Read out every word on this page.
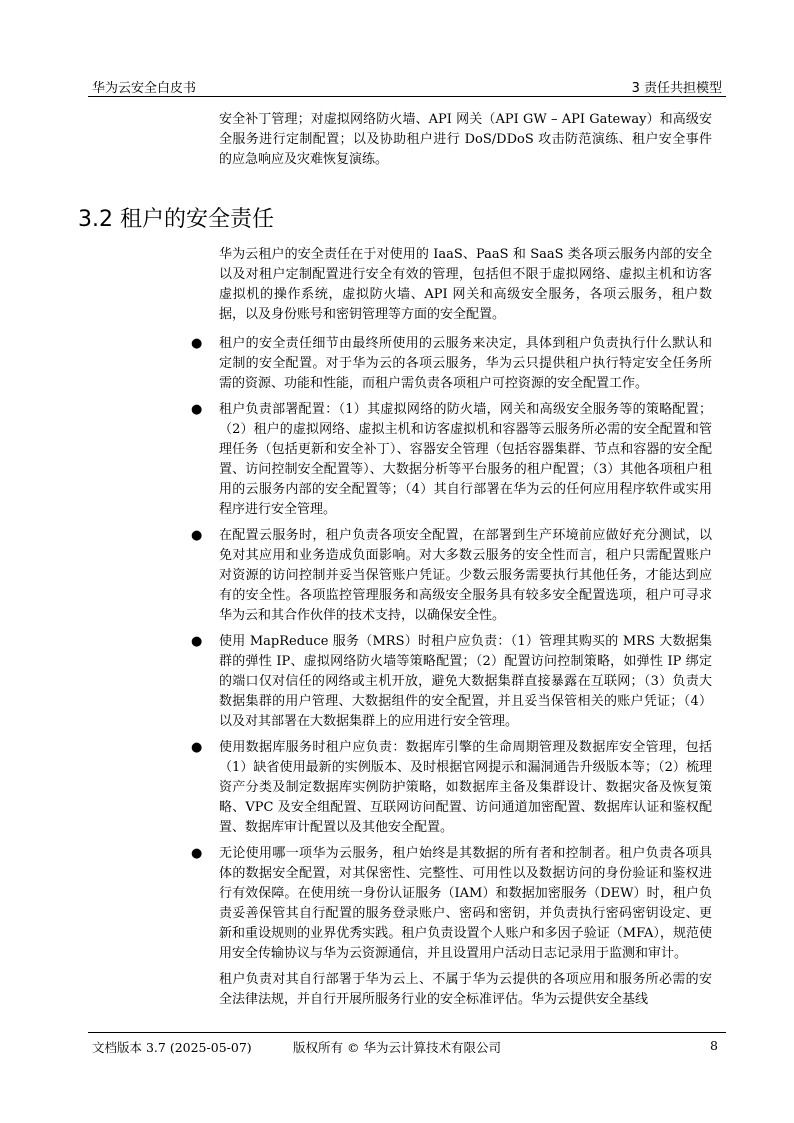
华为云安全白皮书	3 责任共担模型

安全补丁管理；对虚拟网络防火墙、API 网关（API GW – API Gateway）和高级安全服务进行定制配置；以及协助租户进行 DoS/DDoS 攻击防范演练、租户安全事件的应急响应及灾难恢复演练。

3.2 租户的安全责任

华为云租户的安全责任在于对使用的 IaaS、PaaS 和 SaaS 类各项云服务内部的安全以及对租户定制配置进行安全有效的管理，包括但不限于虚拟网络、虚拟主机和访客虚拟机的操作系统，虚拟防火墙、API 网关和高级安全服务，各项云服务，租户数据，以及身份账号和密钥管理等方面的安全配置。

● 租户的安全责任细节由最终所使用的云服务来决定，具体到租户负责执行什么默认和定制的安全配置。对于华为云的各项云服务，华为云只提供租户执行特定安全任务所需的资源、功能和性能，而租户需负责各项租户可控资源的安全配置工作。
● 租户负责部署配置：（1）其虚拟网络的防火墙，网关和高级安全服务等的策略配置；（2）租户的虚拟网络、虚拟主机和访客虚拟机和容器等云服务所必需的安全配置和管理任务（包括更新和安全补丁）、容器安全管理（包括容器集群、节点和容器的安全配置、访问控制安全配置等）、大数据分析等平台服务的租户配置；（3）其他各项租户租用的云服务内部的安全配置等；（4）其自行部署在华为云的任何应用程序软件或实用程序进行安全管理。
● 在配置云服务时，租户负责各项安全配置，在部署到生产环境前应做好充分测试，以免对其应用和业务造成负面影响。对大多数云服务的安全性而言，租户只需配置账户对资源的访问控制并妥当保管账户凭证。少数云服务需要执行其他任务，才能达到应有的安全性。各项监控管理服务和高级安全服务具有较多安全配置选项，租户可寻求华为云和其合作伙伴的技术支持，以确保安全性。
● 使用 MapReduce 服务（MRS）时租户应负责：（1）管理其购买的 MRS 大数据集群的弹性 IP、虚拟网络防火墙等策略配置；（2）配置访问控制策略，如弹性 IP 绑定的端口仅对信任的网络或主机开放，避免大数据集群直接暴露在互联网；（3）负责大数据集群的用户管理、大数据组件的安全配置，并且妥当保管相关的账户凭证；（4）以及对其部署在大数据集群上的应用进行安全管理。
● 使用数据库服务时租户应负责：数据库引擎的生命周期管理及数据库安全管理，包括（1）缺省使用最新的实例版本、及时根据官网提示和漏洞通告升级版本等；（2）梳理资产分类及制定数据库实例防护策略，如数据库主备及集群设计、数据灾备及恢复策略、VPC 及安全组配置、互联网访问配置、访问通道加密配置、数据库认证和鉴权配置、数据库审计配置以及其他安全配置。
● 无论使用哪一项华为云服务，租户始终是其数据的所有者和控制者。租户负责各项具体的数据安全配置，对其保密性、完整性、可用性以及数据访问的身份验证和鉴权进行有效保障。在使用统一身份认证服务（IAM）和数据加密服务（DEW）时，租户负责妥善保管其自行配置的服务登录账户、密码和密钥，并负责执行密码密钥设定、更新和重设规则的业界优秀实践。租户负责设置个人账户和多因子验证（MFA），规范使用安全传输协议与华为云资源通信，并且设置用户活动日志记录用于监测和审计。

租户负责对其自行部署于华为云上、不属于华为云提供的各项应用和服务所必需的安全法律法规，并自行开展所服务行业的安全标准评估。华为云提供安全基线

文档版本 3.7 (2025-05-07)	版权所有 © 华为云计算技术有限公司	8
